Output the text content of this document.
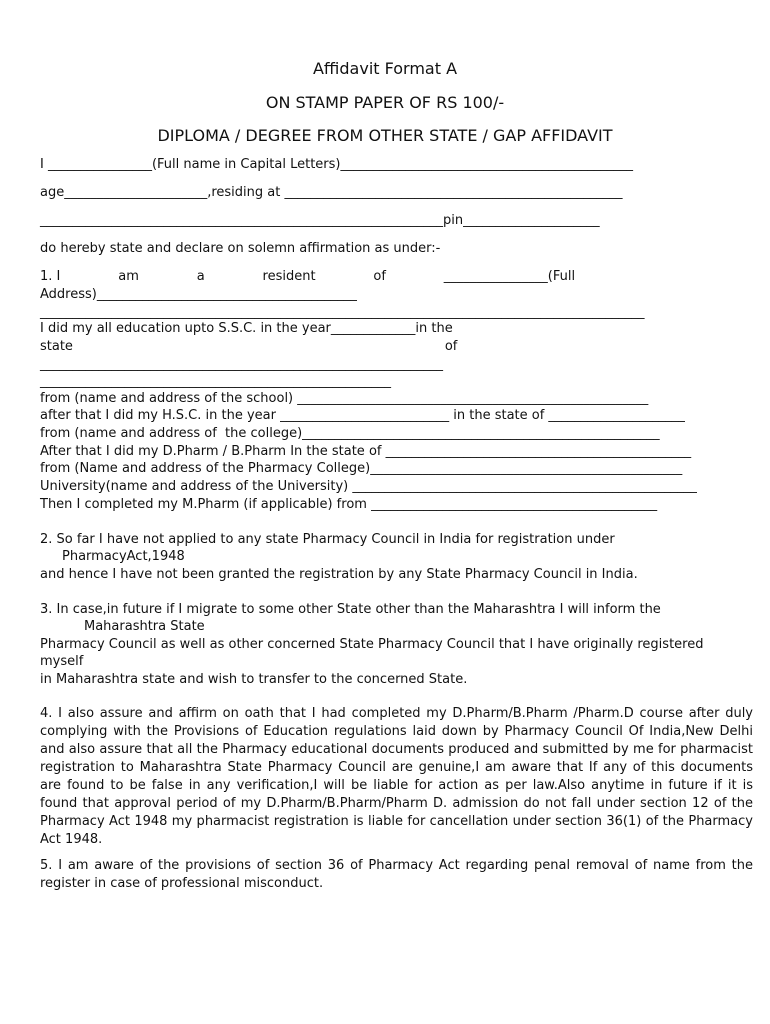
Affidavit Format A
ON STAMP PAPER OF RS 100/-
DIPLOMA / DEGREE FROM OTHER STATE / GAP AFFIDAVIT
I ________________(Full name in Capital Letters)_____________________________________________
age______________________,residing at ____________________________________________________
______________________________________________________________pin_____________________
do hereby state and declare on solemn affirmation as under:-
1. I              am              a              resident              of              ________________(Full
Address)________________________________________
_____________________________________________________________________________________________
I did my all education upto S.S.C. in the year_____________in the
state                                                                                          of
______________________________________________________________
______________________________________________________
from (name and address of the school) ______________________________________________________
after that I did my H.S.C. in the year __________________________ in the state of _____________________
from (name and address of  the college)_______________________________________________________
After that I did my D.Pharm / B.Pharm In the state of _______________________________________________
from (Name and address of the Pharmacy College)________________________________________________
University(name and address of the University) _____________________________________________________
Then I completed my M.Pharm (if applicable) from ____________________________________________
2. So far I have not applied to any state Pharmacy Council in India for registration under
PharmacyAct,1948
and hence I have not been granted the registration by any State Pharmacy Council in India.
3. In case,in future if I migrate to some other State other than the Maharashtra I will inform the
Maharashtra State
Pharmacy Council as well as other concerned State Pharmacy Council that I have originally registered
myself
in Maharashtra state and wish to transfer to the concerned State.

4. I also assure and affirm on oath that I had completed my D.Pharm/B.Pharm /Pharm.D course after duly complying with the Provisions of Education regulations laid down by Pharmacy Council Of India,New Delhi and also assure that all the Pharmacy educational documents produced and submitted by me for pharmacist registration to Maharashtra State Pharmacy Council are genuine,I am aware that If any of this documents are found to be false in any verification,I will be liable for action as per law.Also anytime in future if it is found that approval period of my D.Pharm/B.Pharm/Pharm D. admission do not fall under section 12 of the Pharmacy Act 1948 my pharmacist registration is liable for cancellation under section 36(1) of the Pharmacy Act 1948.

5. I am aware of the provisions of section 36 of Pharmacy Act regarding penal removal of name from the register in case of professional misconduct.
